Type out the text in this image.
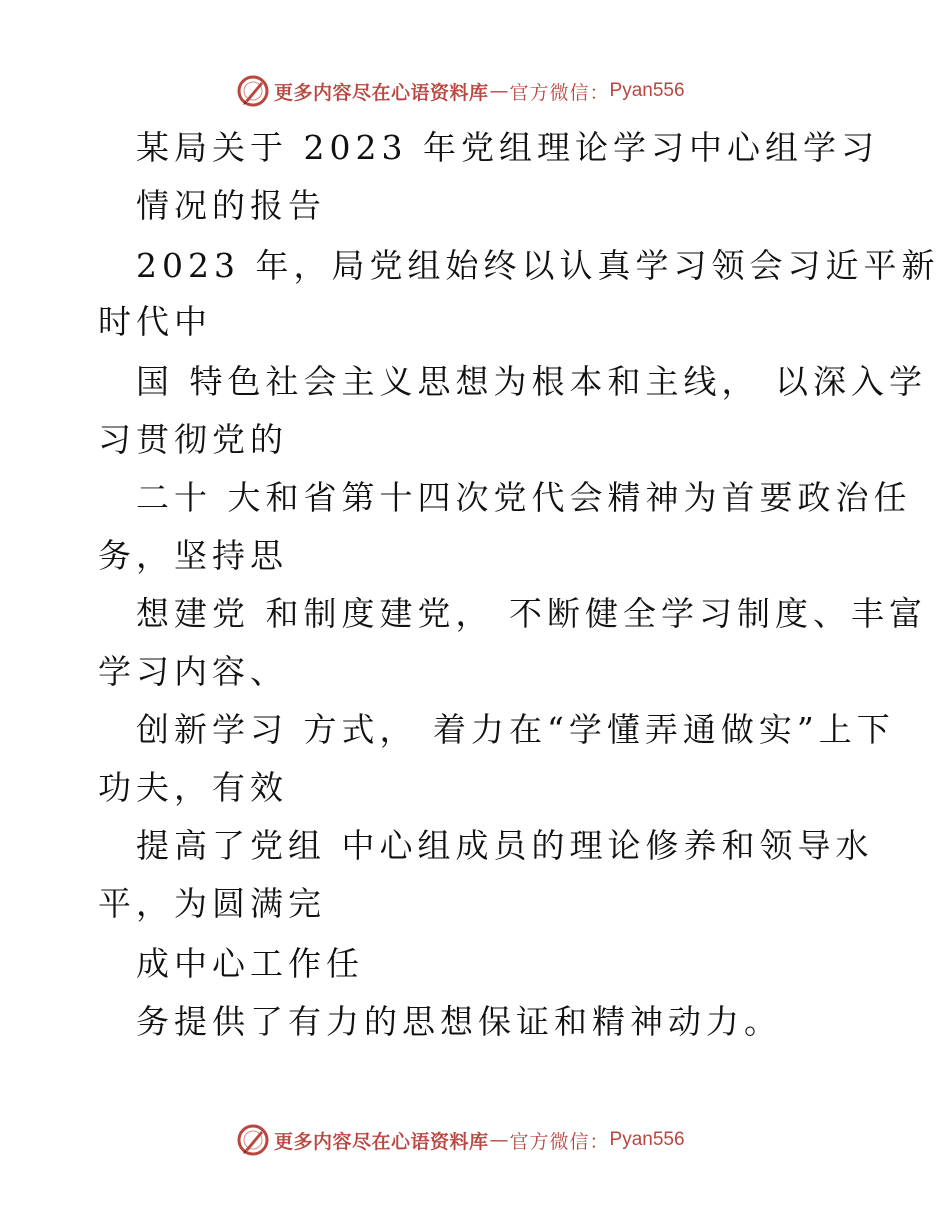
更多内容尽在心语资料库 — 官方微信： Pyan556
某局关于 2023 年党组理论学习中心组学习
情况的报告
2023 年，局党组始终以认真学习领会习近平新
时代中
国 特色社会主义思想为根本和主线， 以深入学
习贯彻党的
二十 大和省第十四次党代会精神为首要政治任
务，坚持思
想建党 和制度建党， 不断健全学习制度、丰富
学习内容、
创新学习 方式， 着力在“学懂弄通做实”上下
功夫，有效
提高了党组 中心组成员的理论修养和领导水
平，为圆满完
成中心工作任
务提供了有力的思想保证和精神动力。
更多内容尽在心语资料库 — 官方微信： Pyan556
